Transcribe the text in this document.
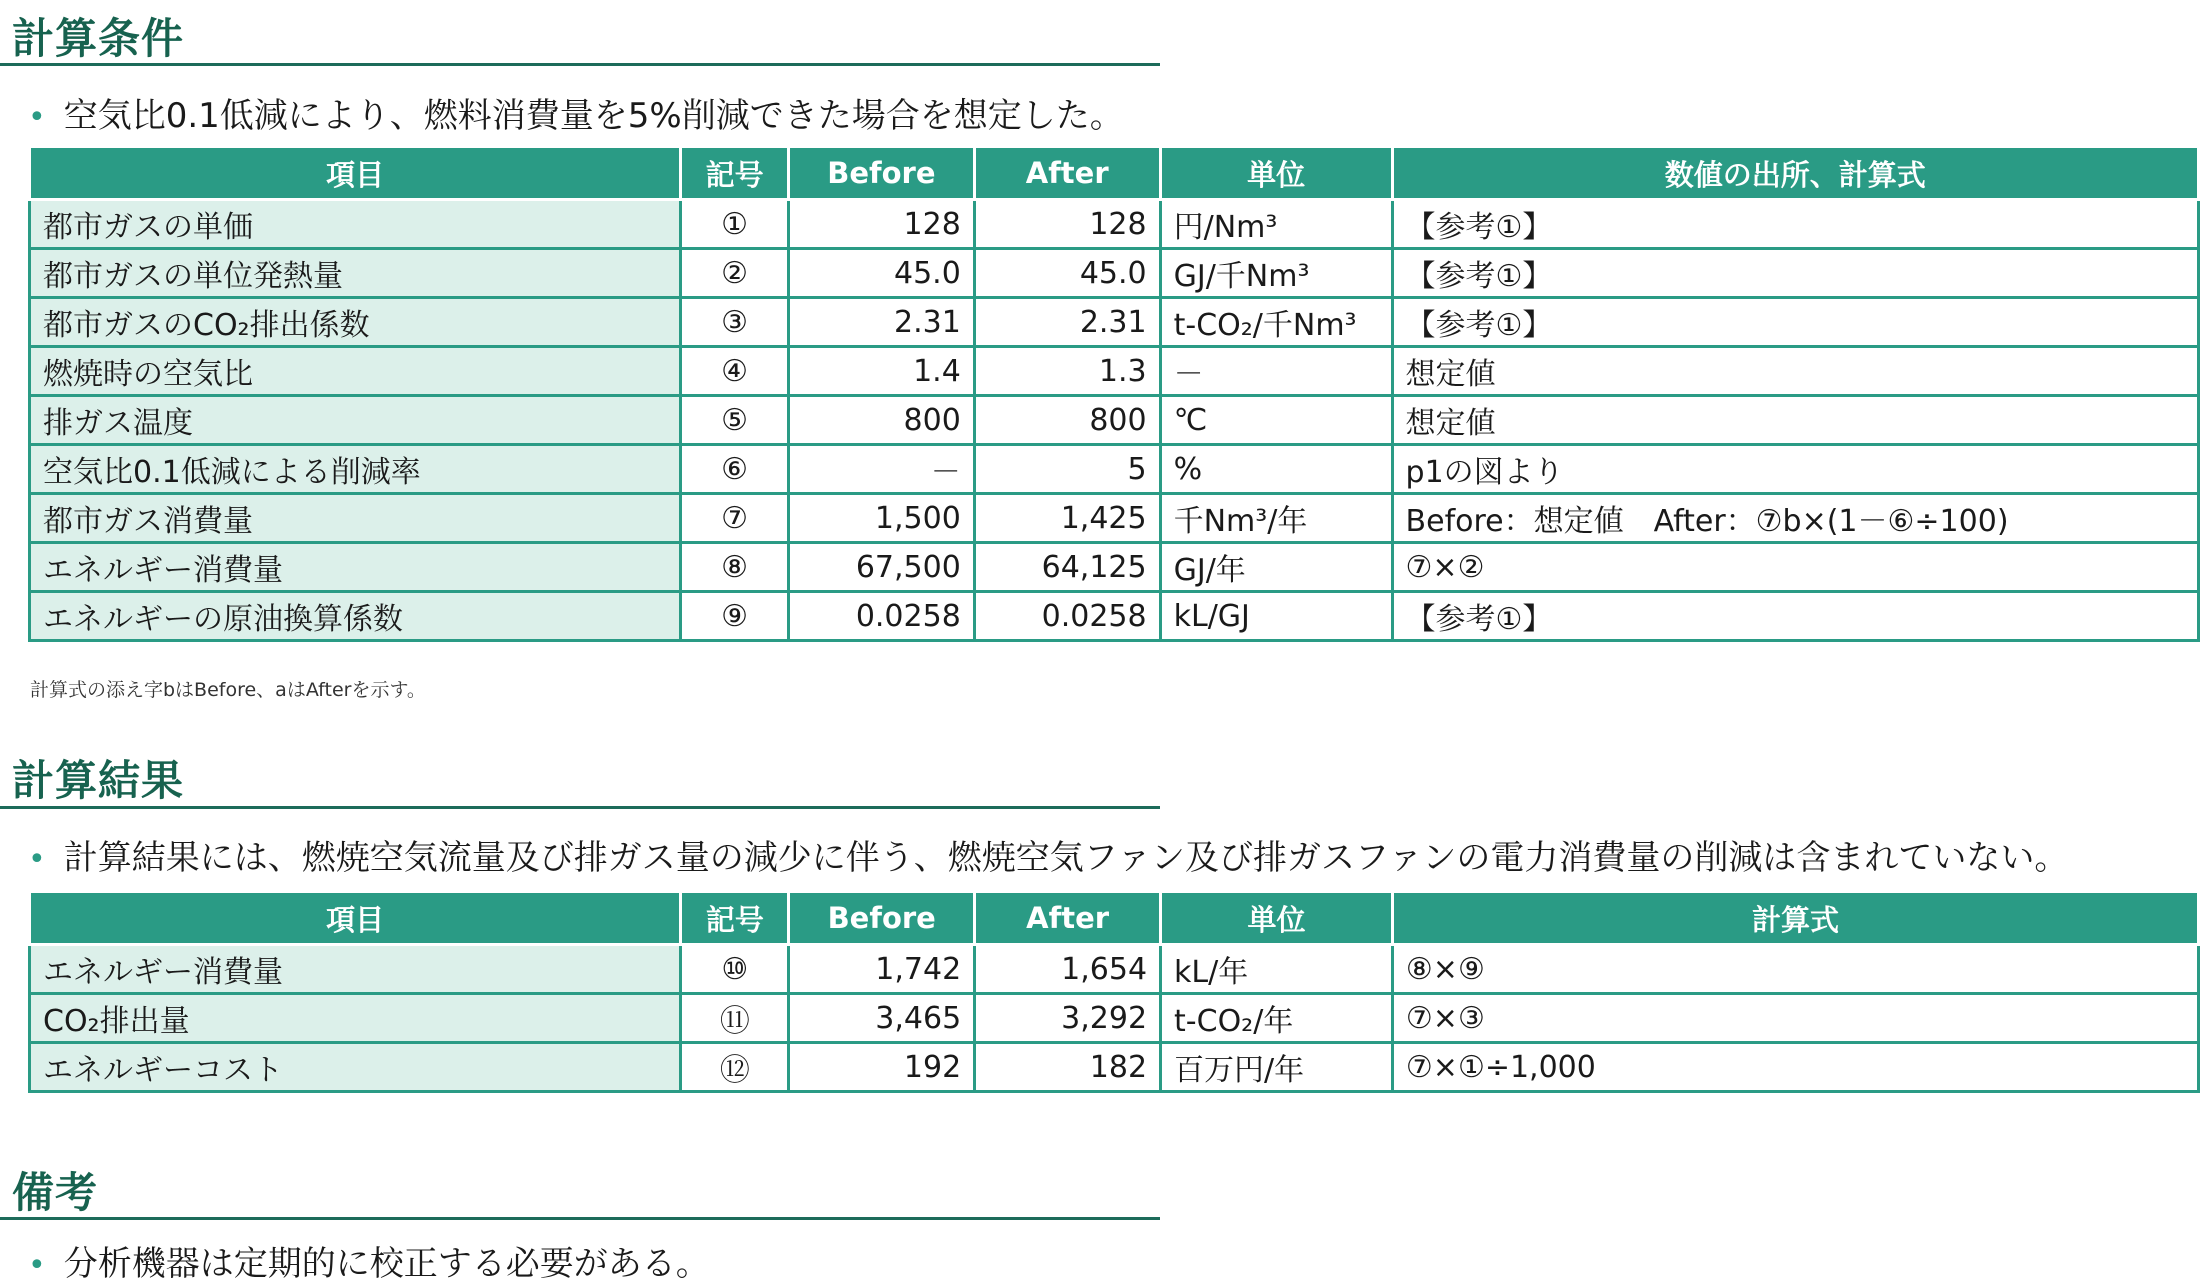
計算条件
• 空気比0.1低減により、燃料消費量を5%削減できた場合を想定した。
項目	記号	Before	After	単位	数値の出所、計算式
都市ガスの単価	①	128	128	円/Nm³	【参考①】
都市ガスの単位発熱量	②	45.0	45.0	GJ/千Nm³	【参考①】
都市ガスのCO₂排出係数	③	2.31	2.31	t-CO₂/千Nm³	【参考①】
燃焼時の空気比	④	1.4	1.3	－	想定値
排ガス温度	⑤	800	800	℃	想定値
空気比0.1低減による削減率	⑥	－	5	%	p1の図より
都市ガス消費量	⑦	1,500	1,425	千Nm³/年	Before：想定値　After：⑦b×(1－⑥÷100)
エネルギー消費量	⑧	67,500	64,125	GJ/年	⑦×②
エネルギーの原油換算係数	⑨	0.0258	0.0258	kL/GJ	【参考①】
計算式の添え字bはBefore、aはAfterを示す。
計算結果
• 計算結果には、燃焼空気流量及び排ガス量の減少に伴う、燃焼空気ファン及び排ガスファンの電力消費量の削減は含まれていない。
項目	記号	Before	After	単位	計算式
エネルギー消費量	⑩	1,742	1,654	kL/年	⑧×⑨
CO₂排出量	⑪	3,465	3,292	t-CO₂/年	⑦×③
エネルギーコスト	⑫	192	182	百万円/年	⑦×①÷1,000
備考
• 分析機器は定期的に校正する必要がある。
